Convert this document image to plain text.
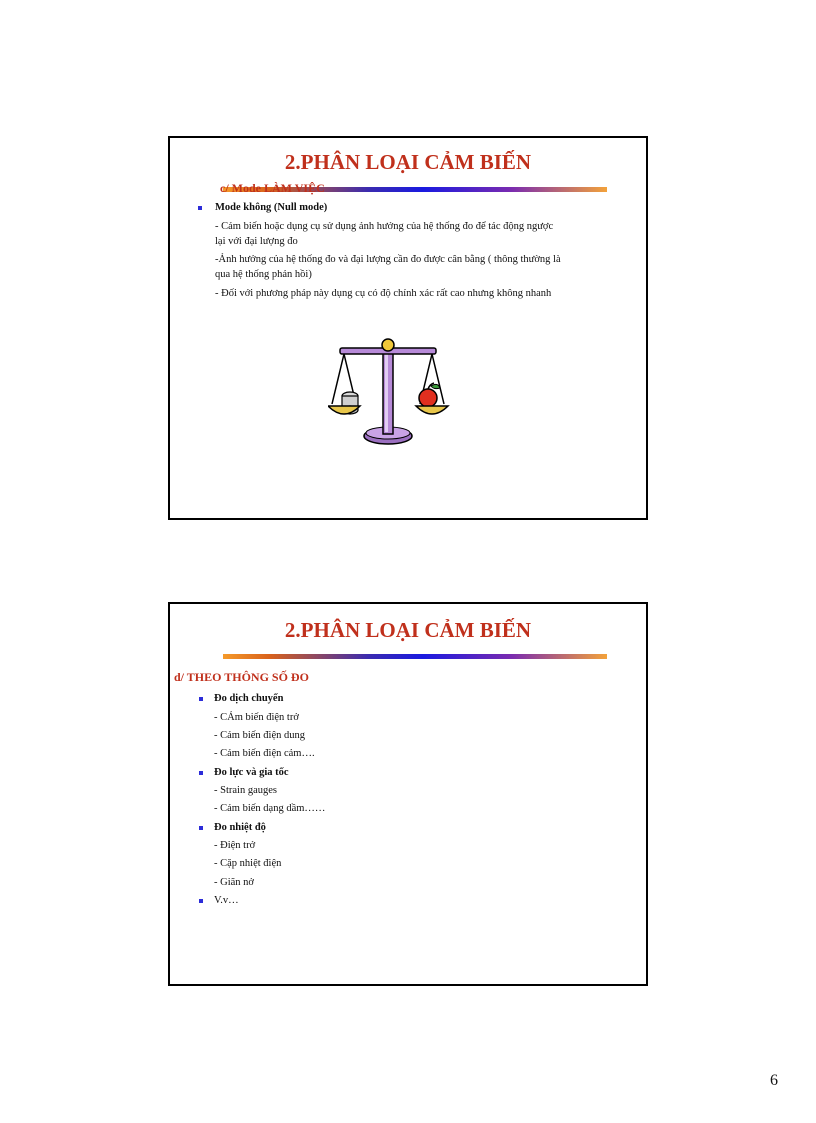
2.PHÂN LOẠI CẢM BIẾN
c/ Mode LÀM VIỆC
Mode không (Null mode)
- Cảm biến hoặc dụng cụ sử dụng ảnh hưởng của hệ thống đo để tác động ngược
lại với đại lượng đo
-Ảnh hưởng của hệ thống đo và đại lượng cần đo được cân bằng ( thông thường là
qua hệ thống phản hồi)
- Đối với phương pháp này dụng cụ có độ chính xác rất cao nhưng không nhanh
2.PHÂN LOẠI CẢM BIẾN
d/ THEO THÔNG SỐ ĐO
Đo dịch chuyển
- CẢm biến điện trở
- Cảm biến điện dung
- Cảm biến điện cảm….
Đo lực và gia tốc
- Strain gauges
- Cảm biến dạng dầm……
Đo nhiệt độ
- Điện trở
- Cặp nhiệt điện
- Giãn nở
V.v…
6
